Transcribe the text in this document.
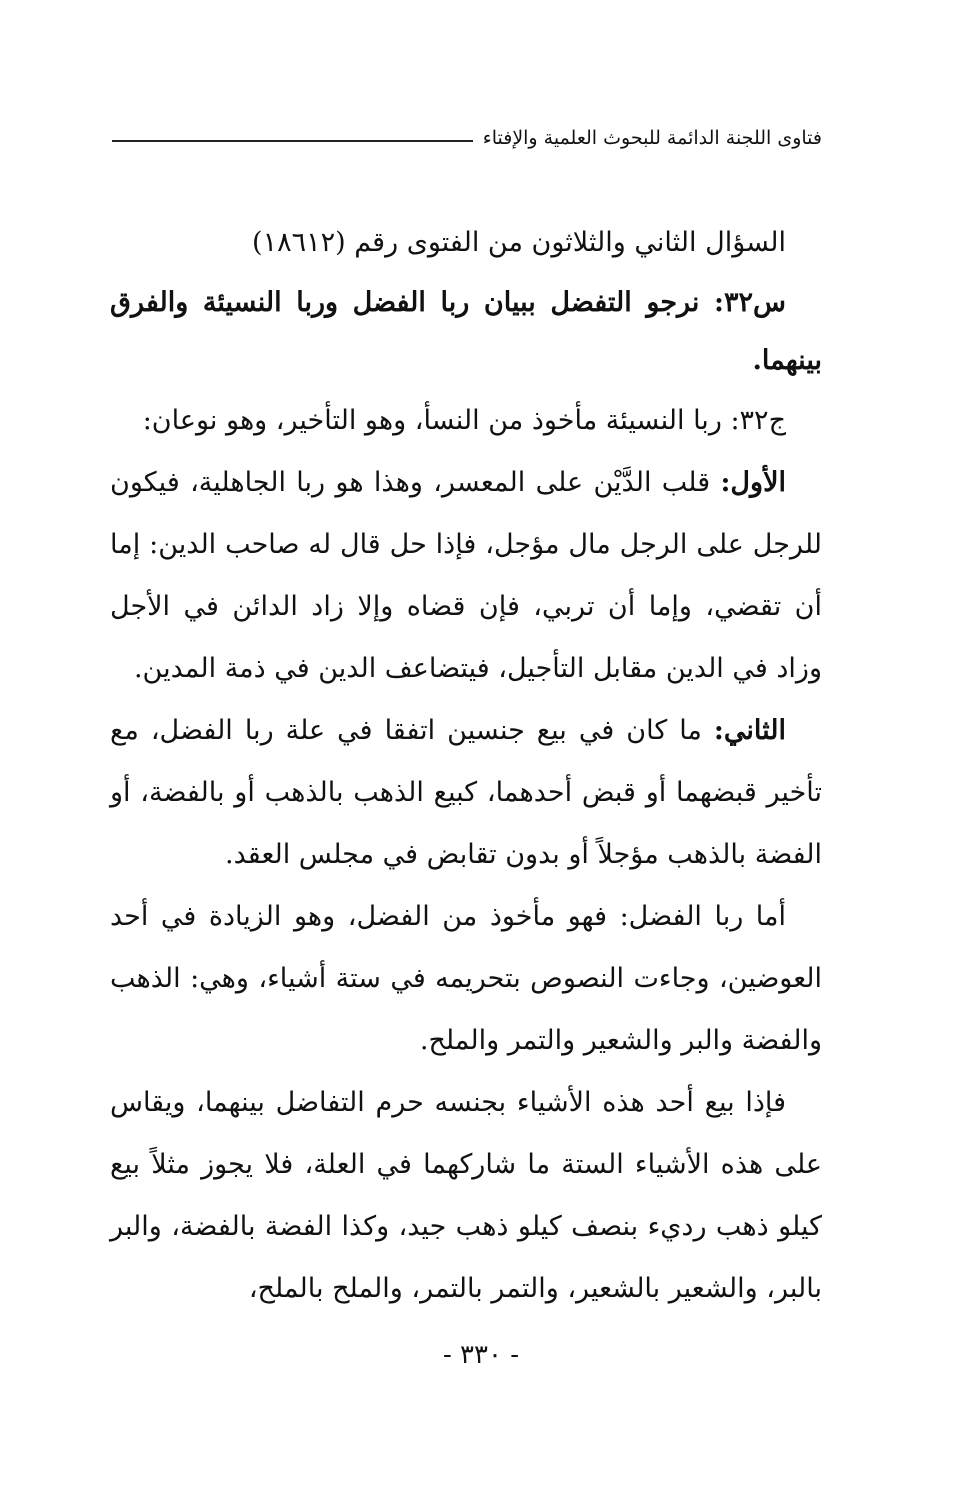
فتاوى اللجنة الدائمة للبحوث العلمية والإفتاء

السؤال الثاني والثلاثون من الفتوى رقم (١٨٦١٢)

س٣٢: نرجو التفضل ببيان ربا الفضل وربا النسيئة والفرق بينهما.

ج٣٢: ربا النسيئة مأخوذ من النسأ، وهو التأخير، وهو نوعان:

الأول: قلب الدَّيْن على المعسر، وهذا هو ربا الجاهلية، فيكون للرجل على الرجل مال مؤجل، فإذا حل قال له صاحب الدين: إما أن تقضي، وإما أن تربي، فإن قضاه وإلا زاد الدائن في الأجل وزاد في الدين مقابل التأجيل، فيتضاعف الدين في ذمة المدين.

الثاني: ما كان في بيع جنسين اتفقا في علة ربا الفضل، مع تأخير قبضهما أو قبض أحدهما، كبيع الذهب بالذهب أو بالفضة، أو الفضة بالذهب مؤجلاً أو بدون تقابض في مجلس العقد.

أما ربا الفضل: فهو مأخوذ من الفضل، وهو الزيادة في أحد العوضين، وجاءت النصوص بتحريمه في ستة أشياء، وهي: الذهب والفضة والبر والشعير والتمر والملح.

فإذا بيع أحد هذه الأشياء بجنسه حرم التفاضل بينهما، ويقاس على هذه الأشياء الستة ما شاركهما في العلة، فلا يجوز مثلاً بيع كيلو ذهب رديء بنصف كيلو ذهب جيد، وكذا الفضة بالفضة، والبر بالبر، والشعير بالشعير، والتمر بالتمر، والملح بالملح،

- ٣٣٠ -
